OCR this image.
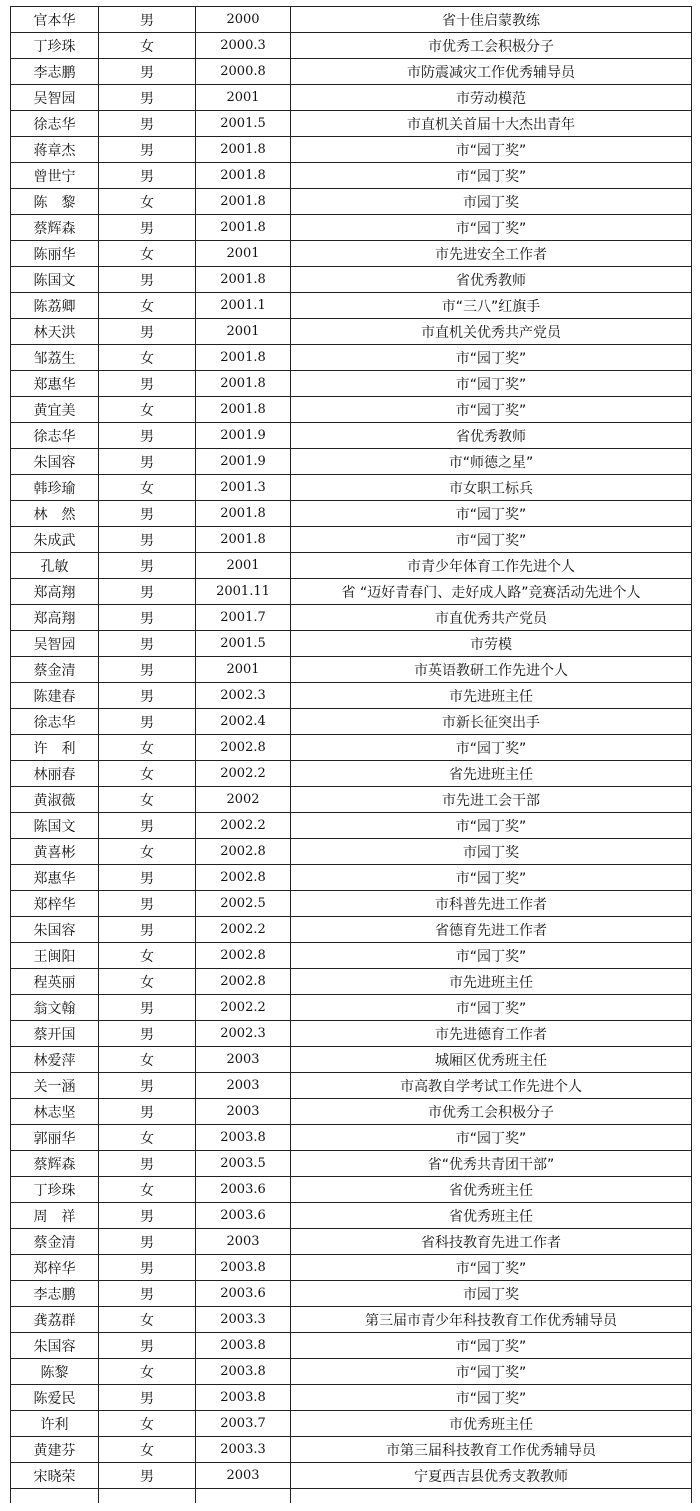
官本华	男	2000	省十佳启蒙教练
丁珍珠	女	2000.3	市优秀工会积极分子
李志鹏	男	2000.8	市防震减灾工作优秀辅导员
吴智园	男	2001	市劳动模范
徐志华	男	2001.5	市直机关首届十大杰出青年
蒋章杰	男	2001.8	市“园丁奖”
曾世宁	男	2001.8	市“园丁奖”
陈　黎	女	2001.8	市园丁奖
蔡辉森	男	2001.8	市“园丁奖”
陈丽华	女	2001	市先进安全工作者
陈国文	男	2001.8	省优秀教师
陈荔卿	女	2001.1	市“三八”红旗手
林天洪	男	2001	市直机关优秀共产党员
邹荔生	女	2001.8	市“园丁奖”
郑惠华	男	2001.8	市“园丁奖”
黄宜美	女	2001.8	市“园丁奖”
徐志华	男	2001.9	省优秀教师
朱国容	男	2001.9	市“师德之星”
韩珍瑜	女	2001.3	市女职工标兵
林　然	男	2001.8	市“园丁奖”
朱成武	男	2001.8	市“园丁奖”
孔敏	男	2001	市青少年体育工作先进个人
郑高翔	男	2001.11	省 “迈好青春门、走好成人路”竞赛活动先进个人
郑高翔	男	2001.7	市直优秀共产党员
吴智园	男	2001.5	市劳模
蔡金清	男	2001	市英语教研工作先进个人
陈建春	男	2002.3	市先进班主任
徐志华	男	2002.4	市新长征突出手
许　利	女	2002.8	市“园丁奖”
林丽春	女	2002.2	省先进班主任
黄淑薇	女	2002	市先进工会干部
陈国文	男	2002.2	市“园丁奖”
黄喜彬	女	2002.8	市园丁奖
郑惠华	男	2002.8	市“园丁奖”
郑梓华	男	2002.5	市科普先进工作者
朱国容	男	2002.2	省德育先进工作者
王闽阳	女	2002.8	市“园丁奖”
程英丽	女	2002.8	市先进班主任
翁文翰	男	2002.2	市“园丁奖”
蔡开国	男	2002.3	市先进德育工作者
林爱萍	女	2003	城厢区优秀班主任
关一涵	男	2003	市高教自学考试工作先进个人
林志坚	男	2003	市优秀工会积极分子
郭丽华	女	2003.8	市“园丁奖”
蔡辉森	男	2003.5	省“优秀共青团干部”
丁珍珠	女	2003.6	省优秀班主任
周　祥	男	2003.6	省优秀班主任
蔡金清	男	2003	省科技教育先进工作者
郑梓华	男	2003.8	市“园丁奖”
李志鹏	男	2003.6	市园丁奖
龚荔群	女	2003.3	第三届市青少年科技教育工作优秀辅导员
朱国容	男	2003.8	市“园丁奖”
陈黎	女	2003.8	市“园丁奖”
陈爱民	男	2003.8	市“园丁奖”
许利	女	2003.7	市优秀班主任
黄建芬	女	2003.3	市第三届科技教育工作优秀辅导员
宋晓荣	男	2003	宁夏西吉县优秀支教教师
